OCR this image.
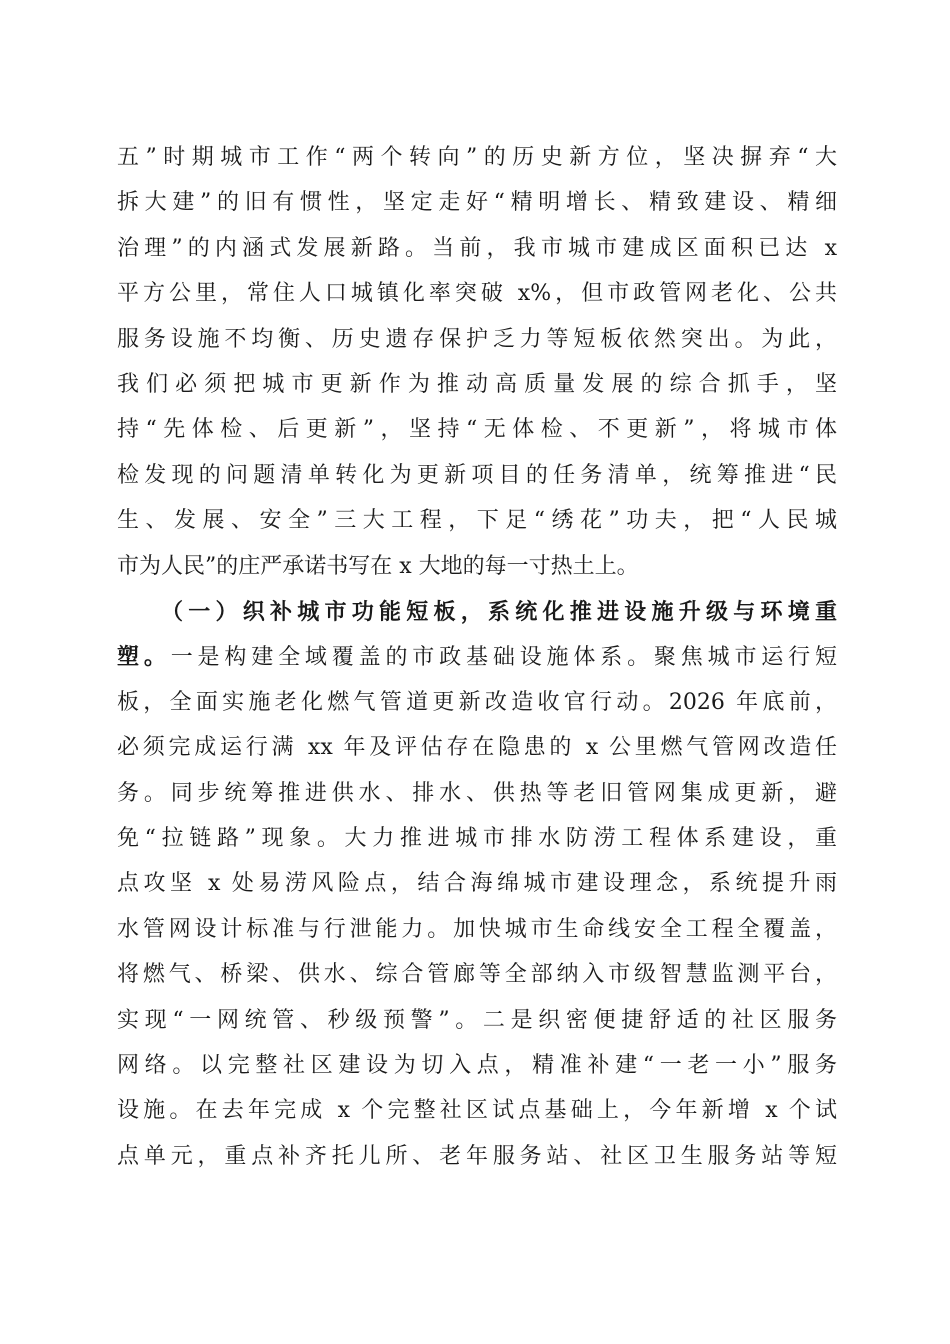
五”时期城市工作“两个转向”的历史新方位，坚决摒弃“大

拆大建”的旧有惯性，坚定走好“精明增长、精致建设、精细

治理”的内涵式发展新路。当前，我市城市建成区面积已达 x

平方公里，常住人口城镇化率突破 x%，但市政管网老化、公共

服务设施不均衡、历史遗存保护乏力等短板依然突出。为此，

我们必须把城市更新作为推动高质量发展的综合抓手，坚

持“先体检、后更新”，坚持“无体检、不更新”，将城市体

检发现的问题清单转化为更新项目的任务清单，统筹推进“民

生、发展、安全”三大工程，下足“绣花”功夫，把“人民城

市为人民”的庄严承诺书写在 x 大地的每一寸热土上。

（一）织补城市功能短板，系统化推进设施升级与环境重

塑。一是构建全域覆盖的市政基础设施体系。聚焦城市运行短

板，全面实施老化燃气管道更新改造收官行动。2026 年底前，

必须完成运行满 xx 年及评估存在隐患的 x 公里燃气管网改造任

务。同步统筹推进供水、排水、供热等老旧管网集成更新，避

免“拉链路”现象。大力推进城市排水防涝工程体系建设，重

点攻坚 x 处易涝风险点，结合海绵城市建设理念，系统提升雨

水管网设计标准与行泄能力。加快城市生命线安全工程全覆盖，

将燃气、桥梁、供水、综合管廊等全部纳入市级智慧监测平台，

实现“一网统管、秒级预警”。二是织密便捷舒适的社区服务

网络。以完整社区建设为切入点，精准补建“一老一小”服务

设施。在去年完成 x 个完整社区试点基础上，今年新增 x 个试

点单元，重点补齐托儿所、老年服务站、社区卫生服务站等短
